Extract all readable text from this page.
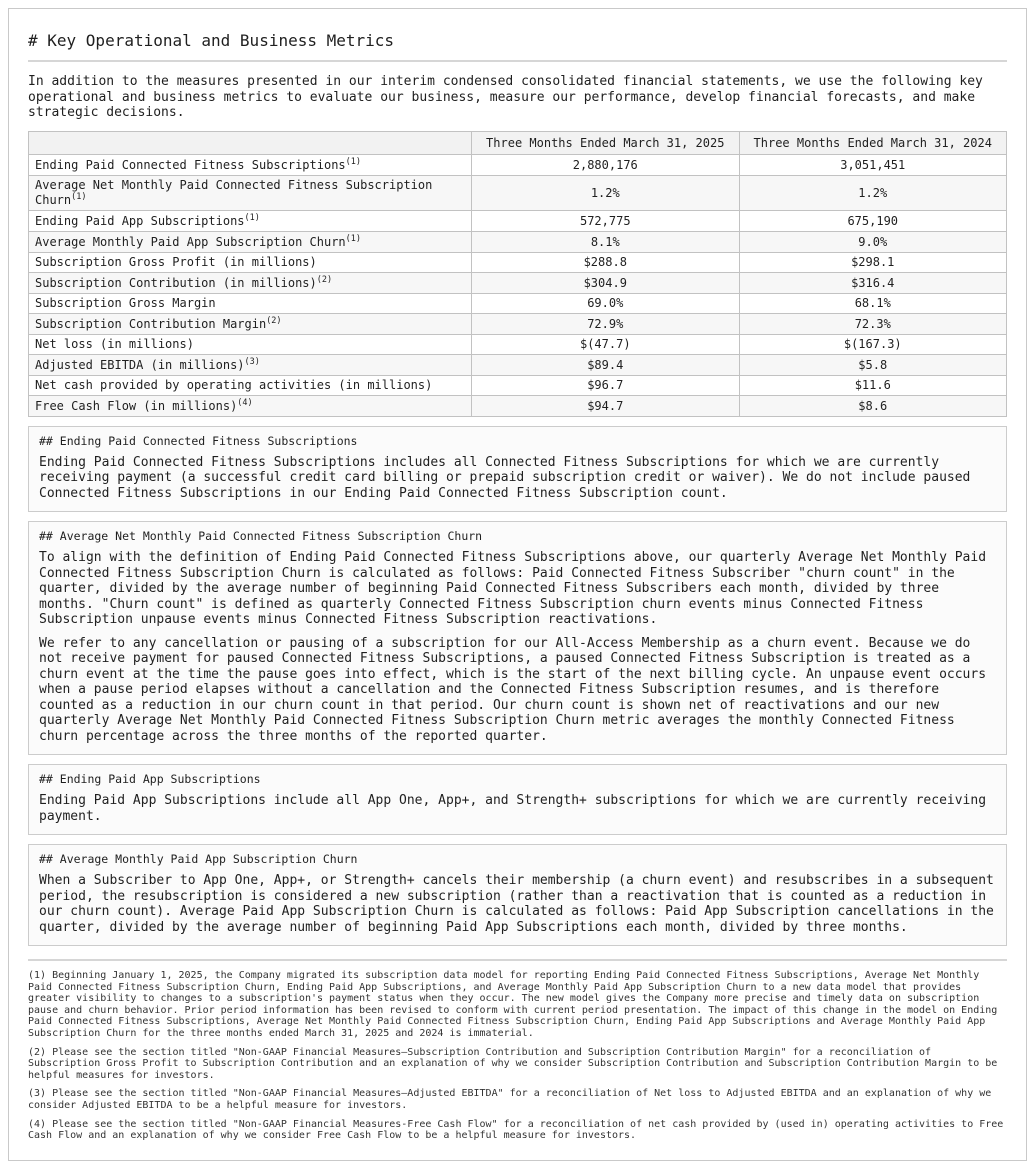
# Key Operational and Business Metrics

In addition to the measures presented in our interim condensed consolidated financial statements, we use the following key operational and business metrics to evaluate our business, measure our performance, develop financial forecasts, and make strategic decisions.

	Three Months Ended March 31, 2025	Three Months Ended March 31, 2024
Ending Paid Connected Fitness Subscriptions$^{(1)}$	2,880,176	3,051,451
Average Net Monthly Paid Connected Fitness Subscription Churn$^{(1)}$	1.2%	1.2%
Ending Paid App Subscriptions$^{(1)}$	572,775	675,190
Average Monthly Paid App Subscription Churn$^{(1)}$	8.1%	9.0%
Subscription Gross Profit (in millions)	$288.8	$298.1
Subscription Contribution (in millions)$^{(2)}$	$304.9	$316.4
Subscription Gross Margin	69.0%	68.1%
Subscription Contribution Margin$^{(2)}$	72.9%	72.3%
Net loss (in millions)	$(47.7)	$(167.3)
Adjusted EBITDA (in millions)$^{(3)}$	$89.4	$5.8
Net cash provided by operating activities (in millions)	$96.7	$11.6
Free Cash Flow (in millions)$^{(4)}$	$94.7	$8.6
## Ending Paid Connected Fitness Subscriptions

Ending Paid Connected Fitness Subscriptions includes all Connected Fitness Subscriptions for which we are currently receiving payment (a successful credit card billing or prepaid subscription credit or waiver). We do not include paused Connected Fitness Subscriptions in our Ending Paid Connected Fitness Subscription count.

## Average Net Monthly Paid Connected Fitness Subscription Churn

To align with the definition of Ending Paid Connected Fitness Subscriptions above, our quarterly Average Net Monthly Paid Connected Fitness Subscription Churn is calculated as follows: Paid Connected Fitness Subscriber "churn count" in the quarter, divided by the average number of beginning Paid Connected Fitness Subscribers each month, divided by three months. "Churn count" is defined as quarterly Connected Fitness Subscription churn events minus Connected Fitness Subscription unpause events minus Connected Fitness Subscription reactivations.

We refer to any cancellation or pausing of a subscription for our All-Access Membership as a churn event. Because we do not receive payment for paused Connected Fitness Subscriptions, a paused Connected Fitness Subscription is treated as a churn event at the time the pause goes into effect, which is the start of the next billing cycle. An unpause event occurs when a pause period elapses without a cancellation and the Connected Fitness Subscription resumes, and is therefore counted as a reduction in our churn count in that period. Our churn count is shown net of reactivations and our new quarterly Average Net Monthly Paid Connected Fitness Subscription Churn metric averages the monthly Connected Fitness churn percentage across the three months of the reported quarter.

## Ending Paid App Subscriptions

Ending Paid App Subscriptions include all App One, App+, and Strength+ subscriptions for which we are currently receiving payment.

## Average Monthly Paid App Subscription Churn

When a Subscriber to App One, App+, or Strength+ cancels their membership (a churn event) and resubscribes in a subsequent period, the resubscription is considered a new subscription (rather than a reactivation that is counted as a reduction in our churn count). Average Paid App Subscription Churn is calculated as follows: Paid App Subscription cancellations in the quarter, divided by the average number of beginning Paid App Subscriptions each month, divided by three months.

(1) Beginning January 1, 2025, the Company migrated its subscription data model for reporting Ending Paid Connected Fitness Subscriptions, Average Net Monthly Paid Connected Fitness Subscription Churn, Ending Paid App Subscriptions, and Average Monthly Paid App Subscription Churn to a new data model that provides greater visibility to changes to a subscription's payment status when they occur. The new model gives the Company more precise and timely data on subscription pause and churn behavior. Prior period information has been revised to conform with current period presentation. The impact of this change in the model on Ending Paid Connected Fitness Subscriptions, Average Net Monthly Paid Connected Fitness Subscription Churn, Ending Paid App Subscriptions and Average Monthly Paid App Subscription Churn for the three months ended March 31, 2025 and 2024 is immaterial.

(2) Please see the section titled "Non-GAAP Financial Measures—Subscription Contribution and Subscription Contribution Margin" for a reconciliation of Subscription Gross Profit to Subscription Contribution and an explanation of why we consider Subscription Contribution and Subscription Contribution Margin to be helpful measures for investors.

(3) Please see the section titled "Non-GAAP Financial Measures—Adjusted EBITDA" for a reconciliation of Net loss to Adjusted EBITDA and an explanation of why we consider Adjusted EBITDA to be a helpful measure for investors.

(4) Please see the section titled "Non-GAAP Financial Measures-Free Cash Flow" for a reconciliation of net cash provided by (used in) operating activities to Free Cash Flow and an explanation of why we consider Free Cash Flow to be a helpful measure for investors.
